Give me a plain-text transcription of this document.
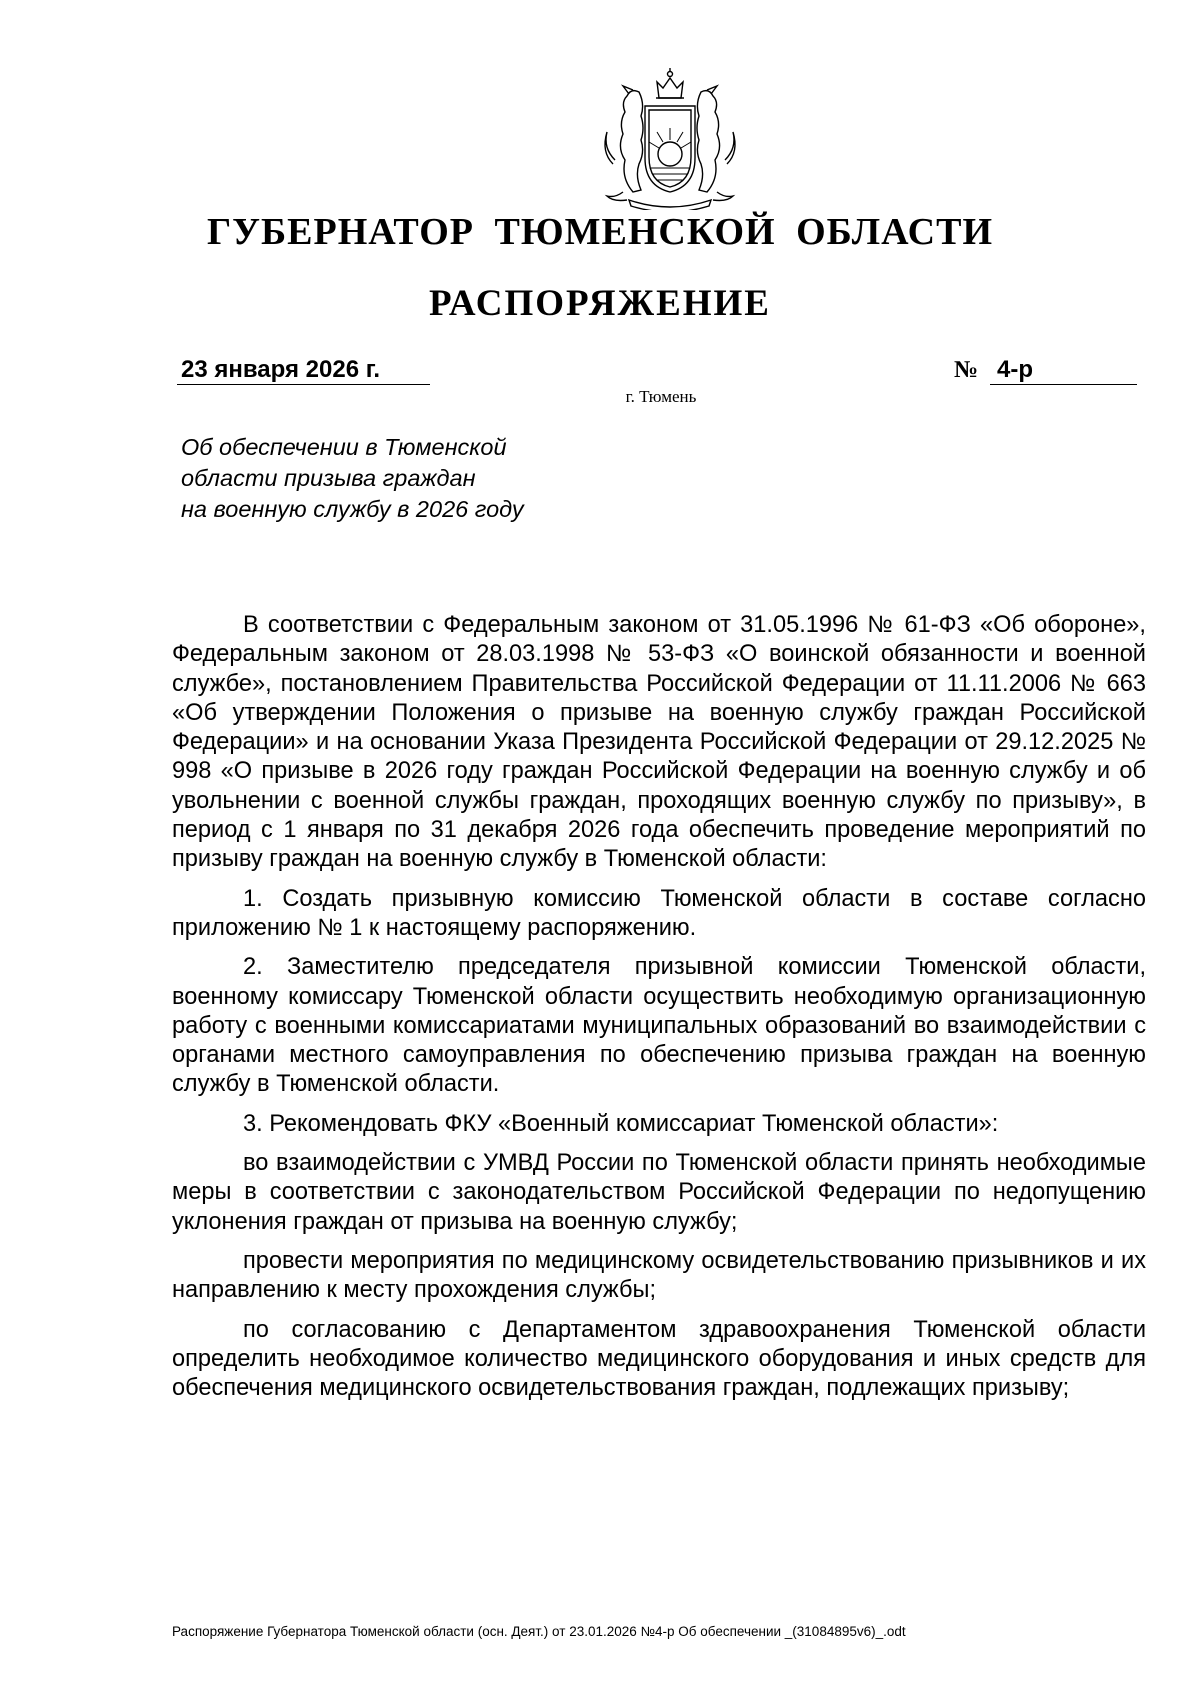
ГУБЕРНАТОР ТЮМЕНСКОЙ ОБЛАСТИ
РАСПОРЯЖЕНИЕ
23 января 2026 г.	№ 4-р
г. Тюмень
Об обеспечении в Тюменской
области призыва граждан
на военную службу в 2026 году

В соответствии с Федеральным законом от 31.05.1996 № 61-ФЗ «Об обороне», Федеральным законом от 28.03.1998 № 53-ФЗ «О воинской обязанности и военной службе», постановлением Правительства Российской Федерации от 11.11.2006 № 663 «Об утверждении Положения о призыве на военную службу граждан Российской Федерации» и на основании Указа Президента Российской Федерации от 29.12.2025 № 998 «О призыве в 2026 году граждан Российской Федерации на военную службу и об увольнении с военной службы граждан, проходящих военную службу по призыву», в период с 1 января по 31 декабря 2026 года обеспечить проведение мероприятий по призыву граждан на военную службу в Тюменской области:

1. Создать призывную комиссию Тюменской области в составе согласно приложению № 1 к настоящему распоряжению.

2. Заместителю председателя призывной комиссии Тюменской области, военному комиссару Тюменской области осуществить необходимую организационную работу с военными комиссариатами муниципальных образований во взаимодействии с органами местного самоуправления по обеспечению призыва граждан на военную службу в Тюменской области.

3. Рекомендовать ФКУ «Военный комиссариат Тюменской области»:

во взаимодействии с УМВД России по Тюменской области принять необходимые меры в соответствии с законодательством Российской Федерации по недопущению уклонения граждан от призыва на военную службу;

провести мероприятия по медицинскому освидетельствованию призывников и их направлению к месту прохождения службы;

по согласованию с Департаментом здравоохранения Тюменской области определить необходимое количество медицинского оборудования и иных средств для обеспечения медицинского освидетельствования граждан, подлежащих призыву;

Распоряжение Губернатора Тюменской области (осн. Деят.) от 23.01.2026 №4-р Об обеспечении _(31084895v6)_.odt
